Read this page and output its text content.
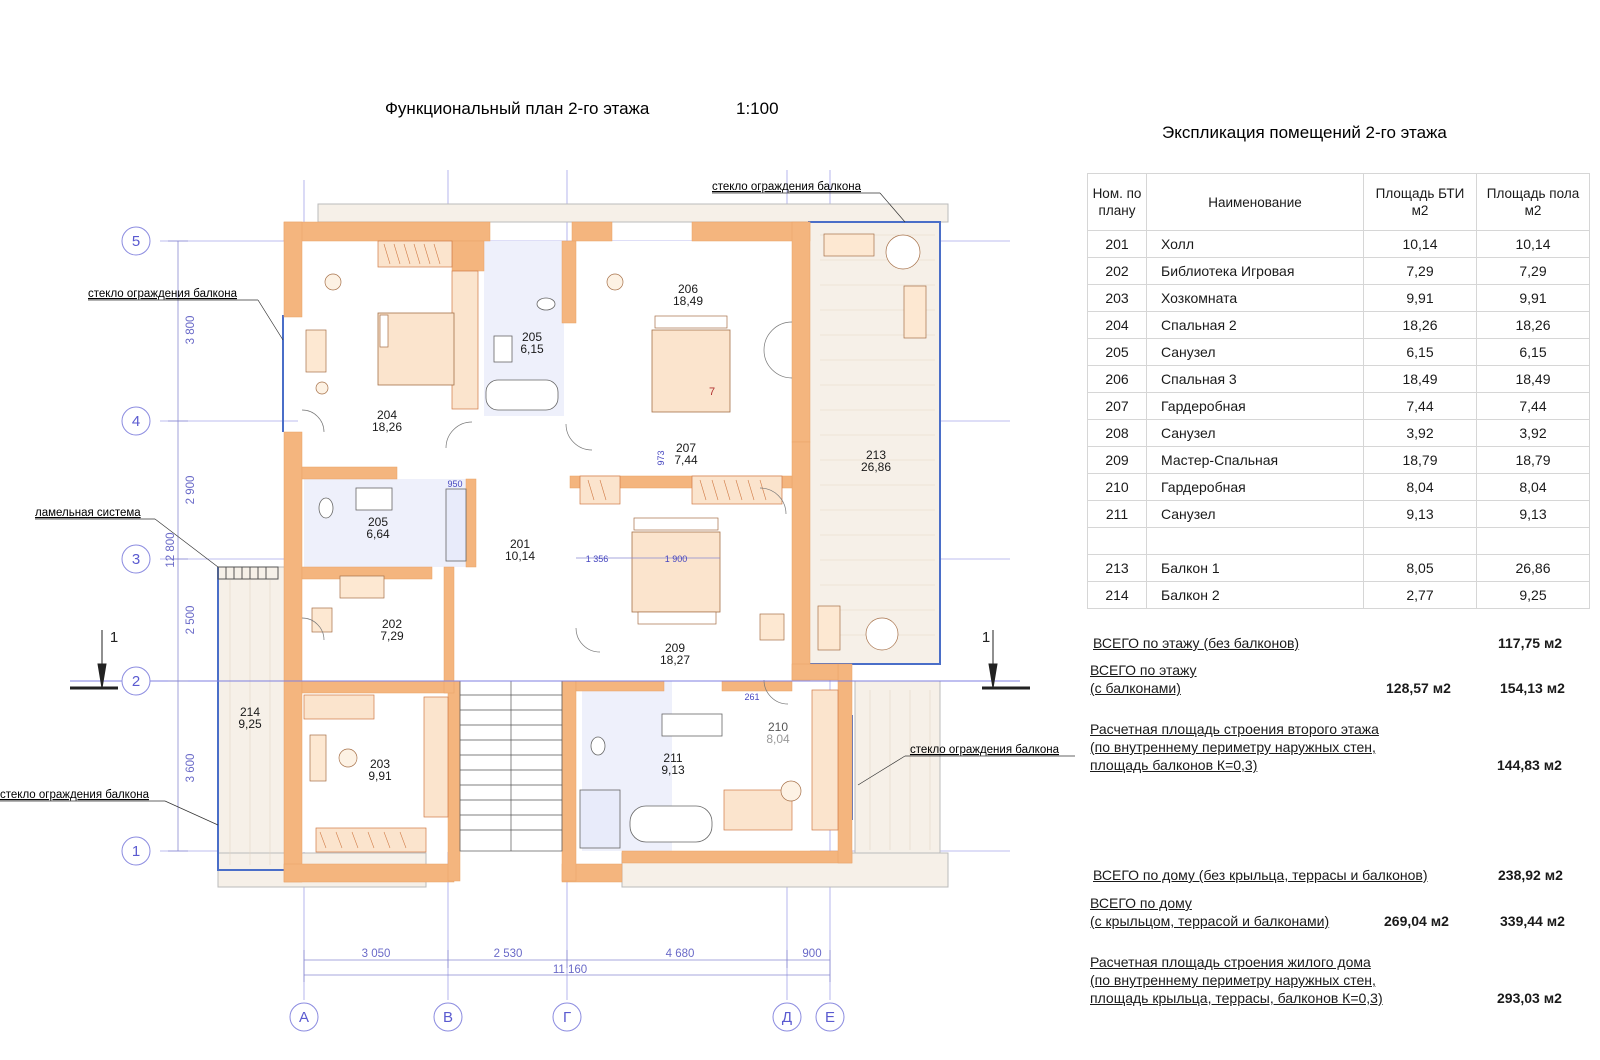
Функциональный план 2-го этажа	1:100
Экспликация помещений 2-го этажа
стекло ограждения балкона
стекло ограждения балкона
ламельная система
стекло ограждения балкона
стекло ограждения балкона
206
18,49
205
6,15
204
18,26
207
7,44	213
26,86
205
6,64
201
10,14
202
7,29
209
18,27
214
9,25
203
9,91
211
9,13
210
8,04
5
4
3
2
1
А	В	Г	Д Е
1	1
3 800
2 900
12 800
2 500
3 600
3 050	2 530
11 160
4 680	900
973
950
1 356	1 900
261
7
Ном. по плану	Наименование	Площадь БТИ м2	Площадь пола м2
201	Холл	10,14	10,14
202	Библиотека Игровая	7,29	7,29
203	Хозкомната	9,91	9,91
204	Спальная 2	18,26	18,26
205	Санузел	6,15	6,15
206	Спальная 3	18,49	18,49
207	Гардеробная	7,44	7,44
208	Санузел	3,92	3,92
209	Мастер-Спальная	18,79	18,79
210	Гардеробная	8,04	8,04
211	Санузел	9,13	9,13

213	Балкон 1	8,05	26,86
214	Балкон 2	2,77	9,25
ВСЕГО по этажу (без балконов)	117,75 м2
ВСЕГО по этажу
(с балконами)	128,57 м2	154,13 м2
Расчетная площадь строения второго этажа
(по внутреннему периметру наружных стен,
площадь балконов К=0,3)	144,83 м2
ВСЕГО по дому (без крыльца, террасы и балконов)	238,92 м2
ВСЕГО по дому
(с крыльцом, террасой и балконами)	269,04 м2	339,44 м2
Расчетная площадь строения жилого дома
(по внутреннему периметру наружных стен,
площадь крыльца, террасы, балконов К=0,3)	293,03 м2
